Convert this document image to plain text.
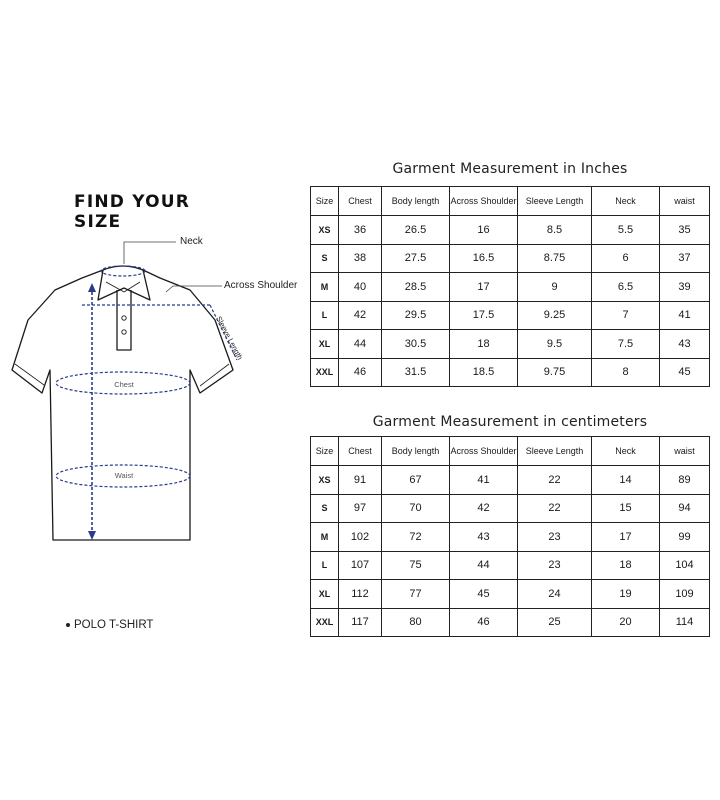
FIND YOUR SIZE
Neck
Across Shoulder
Sleeve Length
Chest
Waist
POLO T-SHIRT
Garment Measurement in Inches
Size	Chest	Body length	Across Shoulder	Sleeve Length	Neck	waist
XS	36	26.5	16	8.5	5.5	35
S	38	27.5	16.5	8.75	6	37
M	40	28.5	17	9	6.5	39
L	42	29.5	17.5	9.25	7	41
XL	44	30.5	18	9.5	7.5	43
XXL	46	31.5	18.5	9.75	8	45
Garment Measurement in centimeters
Size	Chest	Body length	Across Shoulder	Sleeve Length	Neck	waist
XS	91	67	41	22	14	89
S	97	70	42	22	15	94
M	102	72	43	23	17	99
L	107	75	44	23	18	104
XL	112	77	45	24	19	109
XXL	117	80	46	25	20	114
